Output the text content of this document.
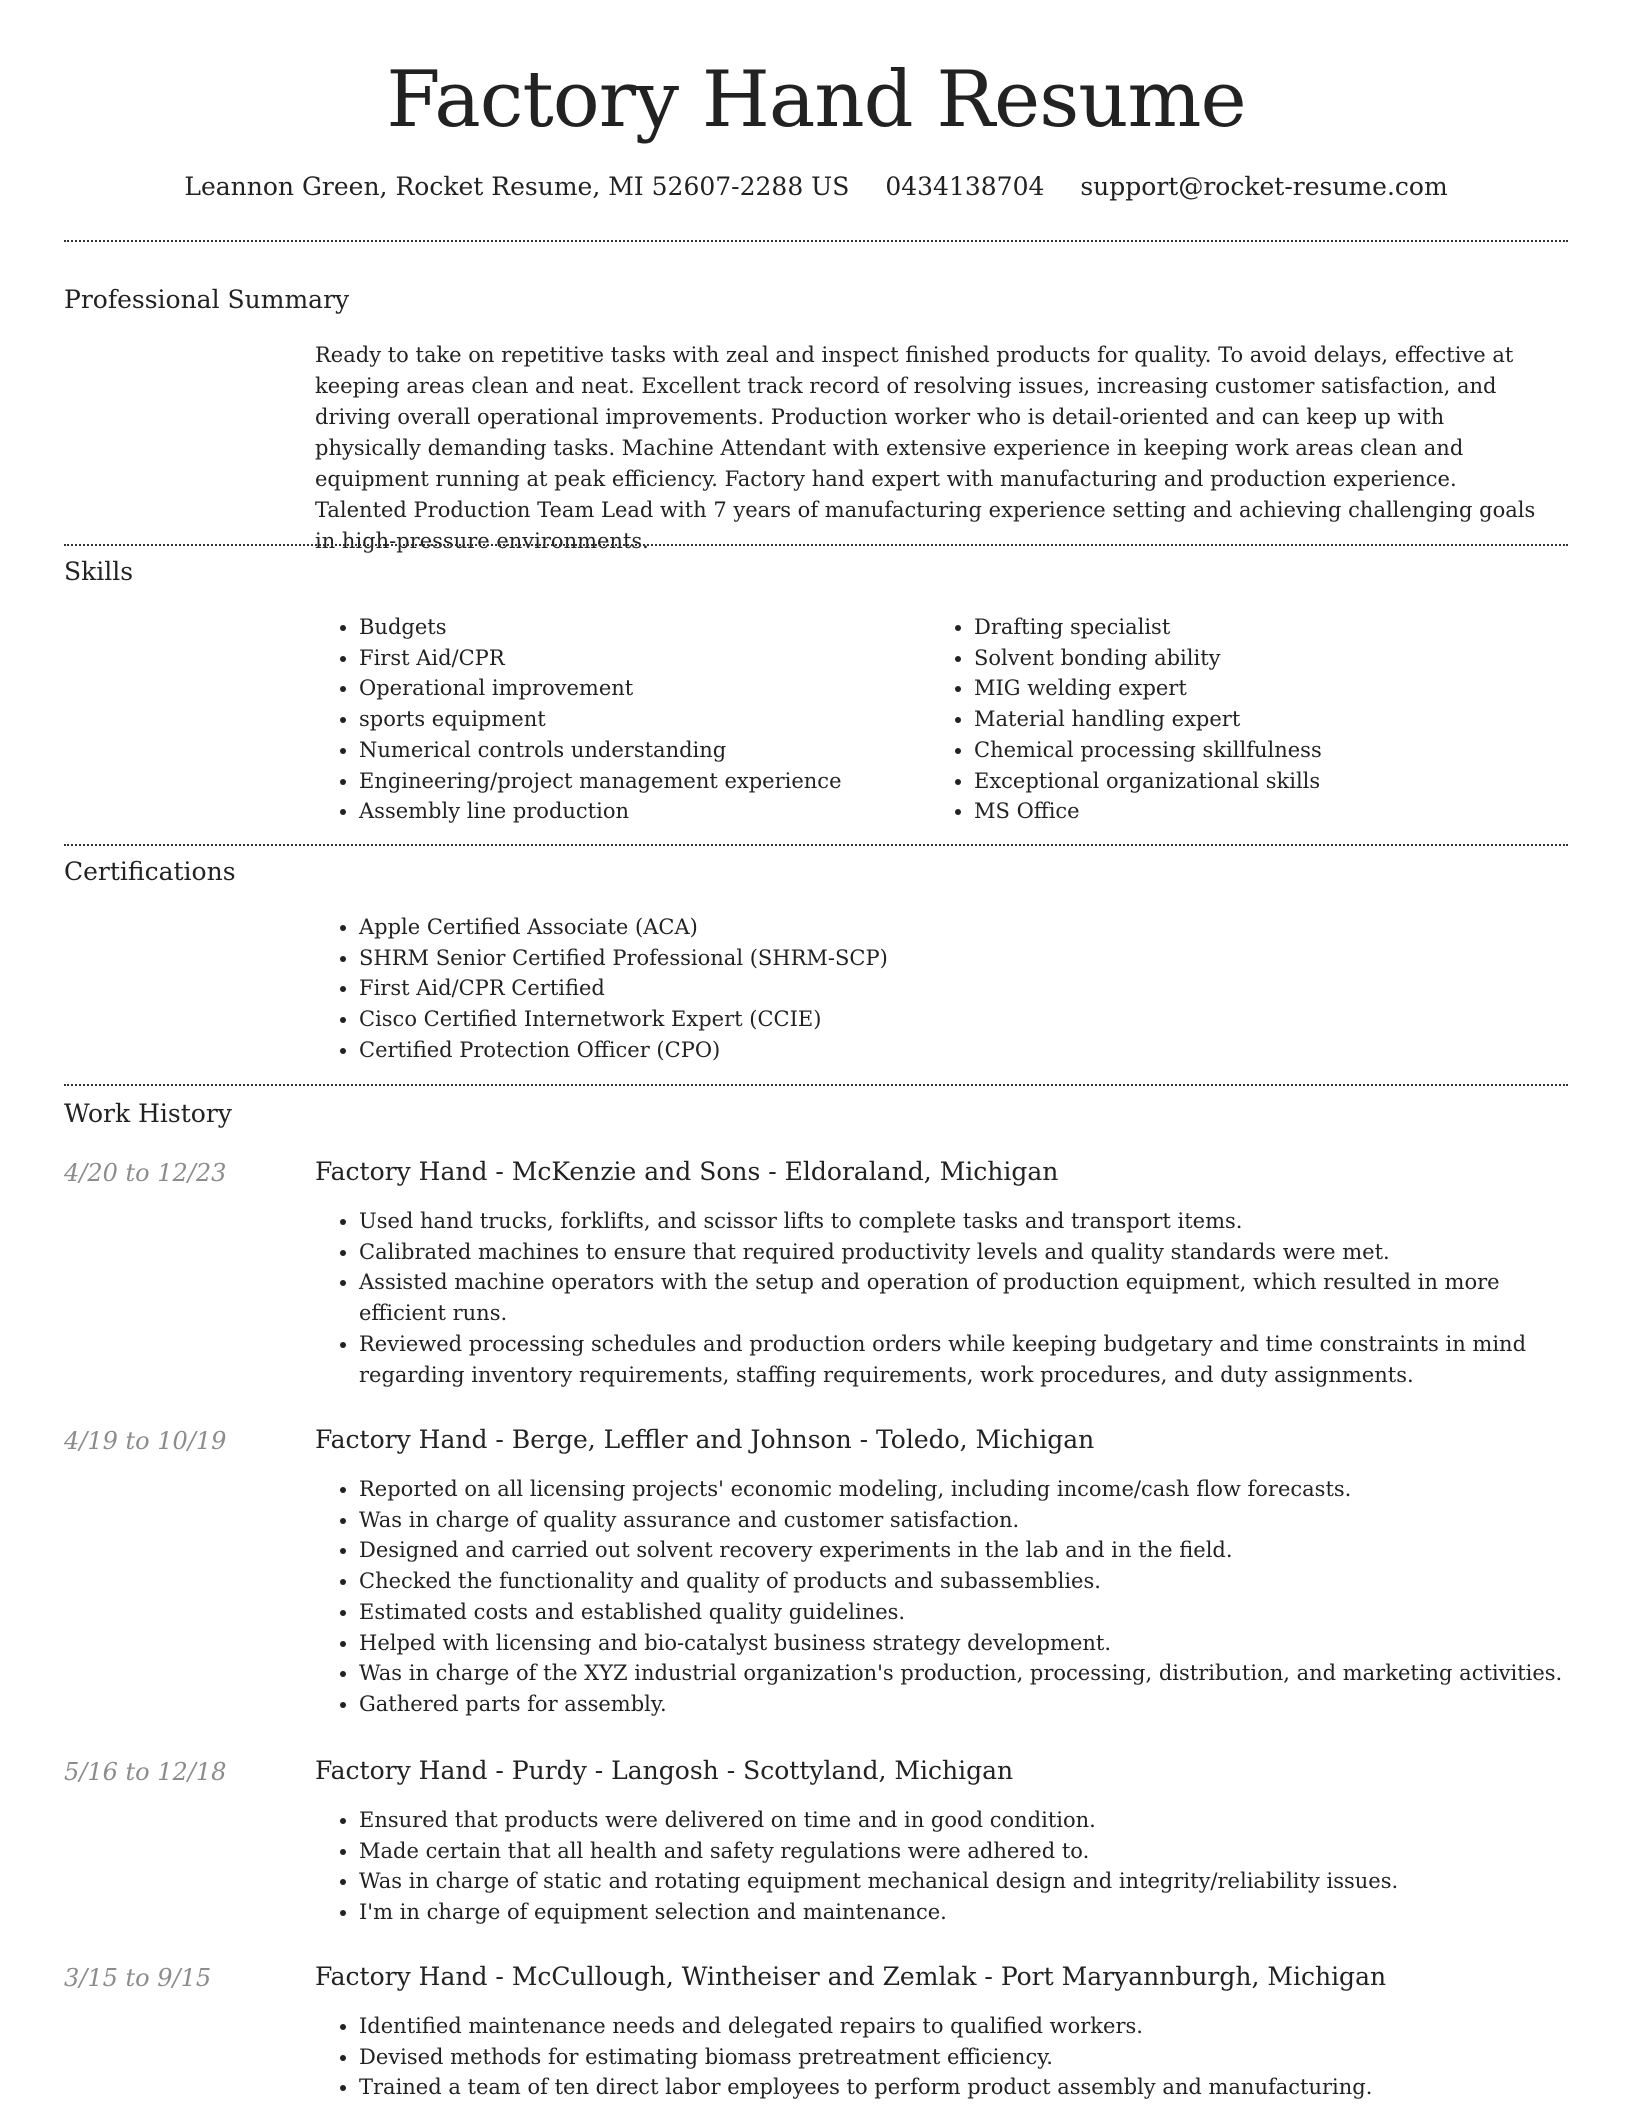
Factory Hand Resume
Leannon Green, Rocket Resume, MI 52607-2288 US 0434138704 support@rocket-resume.com
Professional Summary

Ready to take on repetitive tasks with zeal and inspect finished products for quality. To avoid delays, effective at keeping areas clean and neat. Excellent track record of resolving issues, increasing customer satisfaction, and driving overall operational improvements. Production worker who is detail-oriented and can keep up with physically demanding tasks. Machine Attendant with extensive experience in keeping work areas clean and equipment running at peak efficiency. Factory hand expert with manufacturing and production experience. Talented Production Team Lead with 7 years of manufacturing experience setting and achieving challenging goals in high-pressure environments.

Skills
• Budgets
• First Aid/CPR
• Operational improvement
• sports equipment
• Numerical controls understanding
• Engineering/project management experience
• Assembly line production
• Drafting specialist
• Solvent bonding ability
• MIG welding expert
• Material handling expert
• Chemical processing skillfulness
• Exceptional organizational skills
• MS Office
Certifications
• Apple Certified Associate (ACA)
• SHRM Senior Certified Professional (SHRM-SCP)
• First Aid/CPR Certified
• Cisco Certified Internetwork Expert (CCIE)
• Certified Protection Officer (CPO)
Work History
4/20 to 12/23	Factory Hand - McKenzie and Sons - Eldoraland, Michigan
• Used hand trucks, forklifts, and scissor lifts to complete tasks and transport items.
• Calibrated machines to ensure that required productivity levels and quality standards were met.
• Assisted machine operators with the setup and operation of production equipment, which resulted in more efficient runs.
• Reviewed processing schedules and production orders while keeping budgetary and time constraints in mind regarding inventory requirements, staffing requirements, work procedures, and duty assignments.
4/19 to 10/19	Factory Hand - Berge, Leffler and Johnson - Toledo, Michigan
• Reported on all licensing projects' economic modeling, including income/cash flow forecasts.
• Was in charge of quality assurance and customer satisfaction.
• Designed and carried out solvent recovery experiments in the lab and in the field.
• Checked the functionality and quality of products and subassemblies.
• Estimated costs and established quality guidelines.
• Helped with licensing and bio-catalyst business strategy development.
• Was in charge of the XYZ industrial organization's production, processing, distribution, and marketing activities.
• Gathered parts for assembly.
5/16 to 12/18	Factory Hand - Purdy - Langosh - Scottyland, Michigan
• Ensured that products were delivered on time and in good condition.
• Made certain that all health and safety regulations were adhered to.
• Was in charge of static and rotating equipment mechanical design and integrity/reliability issues.
• I'm in charge of equipment selection and maintenance.
3/15 to 9/15	Factory Hand - McCullough, Wintheiser and Zemlak - Port Maryannburgh, Michigan
• Identified maintenance needs and delegated repairs to qualified workers.
• Devised methods for estimating biomass pretreatment efficiency.
• Trained a team of ten direct labor employees to perform product assembly and manufacturing.
